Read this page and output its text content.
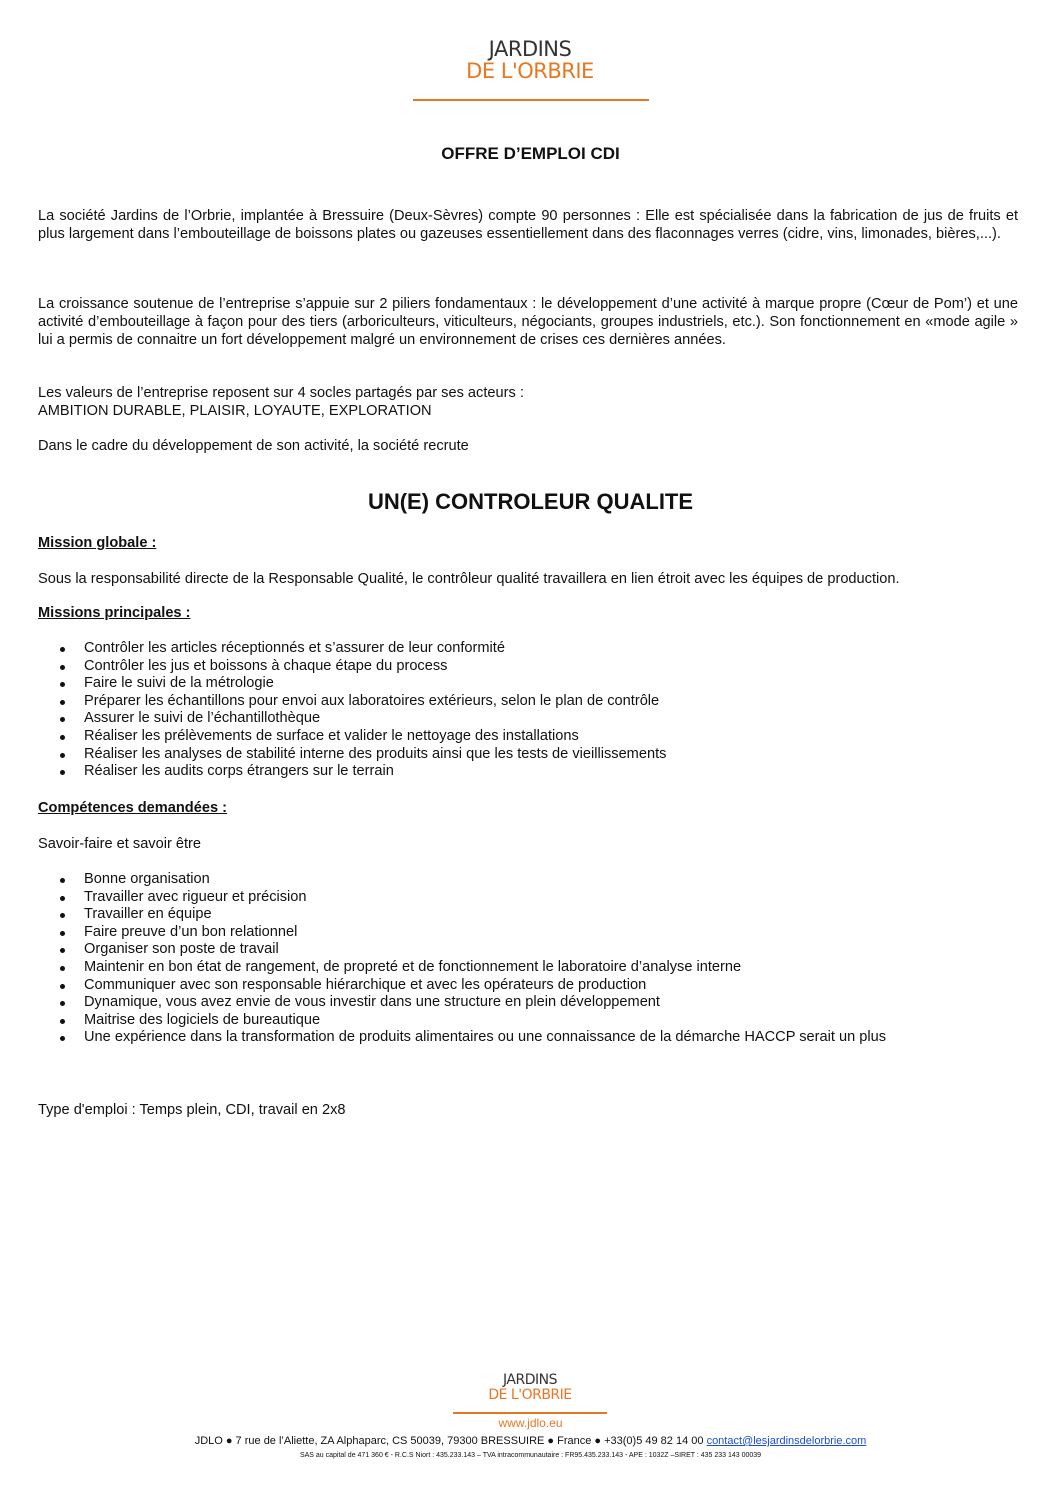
JARDINS
DE L'ORBRIE
OFFRE D’EMPLOI CDI

La société Jardins de l’Orbrie, implantée à Bressuire (Deux-Sèvres) compte 90 personnes : Elle est spécialisée dans la fabrication de jus de fruits et plus largement dans l’embouteillage de boissons plates ou gazeuses essentiellement dans des flaconnages verres (cidre, vins, limonades, bières,...).

La croissance soutenue de l’entreprise s’appuie sur 2 piliers fondamentaux : le développement d’une activité à marque propre (Cœur de Pom’) et une activité d’embouteillage à façon pour des tiers (arboriculteurs, viticulteurs, négociants, groupes industriels, etc.). Son fonctionnement en «mode agile » lui a permis de connaitre un fort développement malgré un environnement de crises ces dernières années.

Les valeurs de l’entreprise reposent sur 4 socles partagés par ses acteurs :
AMBITION DURABLE, PLAISIR, LOYAUTE, EXPLORATION

Dans le cadre du développement de son activité, la société recrute

UN(E) CONTROLEUR QUALITE
Mission globale :

Sous la responsabilité directe de la Responsable Qualité, le contrôleur qualité travaillera en lien étroit avec les équipes de production.

Missions principales :
Contrôler les articles réceptionnés et s’assurer de leur conformité
Contrôler les jus et boissons à chaque étape du process
Faire le suivi de la métrologie
Préparer les échantillons pour envoi aux laboratoires extérieurs, selon le plan de contrôle
Assurer le suivi de l’échantillothèque
Réaliser les prélèvements de surface et valider le nettoyage des installations
Réaliser les analyses de stabilité interne des produits ainsi que les tests de vieillissements
Réaliser les audits corps étrangers sur le terrain
Compétences demandées :

Savoir-faire et savoir être

Bonne organisation
Travailler avec rigueur et précision
Travailler en équipe
Faire preuve d’un bon relationnel
Organiser son poste de travail
Maintenir en bon état de rangement, de propreté et de fonctionnement le laboratoire d’analyse interne
Communiquer avec son responsable hiérarchique et avec les opérateurs de production
Dynamique, vous avez envie de vous investir dans une structure en plein développement
Maitrise des logiciels de bureautique
Une expérience dans la transformation de produits alimentaires ou une connaissance de la démarche HACCP serait un plus

Type d'emploi : Temps plein, CDI, travail en 2x8

JARDINS
DE L'ORBRIE
www.jdlo.eu
JDLO ● 7 rue de l’Aliette, ZA Alphaparc, CS 50039, 79300 BRESSUIRE ● France ● +33(0)5 49 82 14 00 contact@lesjardinsdelorbrie.com
SAS au capital de 471 360 € - R.C.S Niort : 435.233.143 – TVA intracommunautaire : FR95.435.233.143 - APE : 1032Z –SIRET : 435 233 143 00039
